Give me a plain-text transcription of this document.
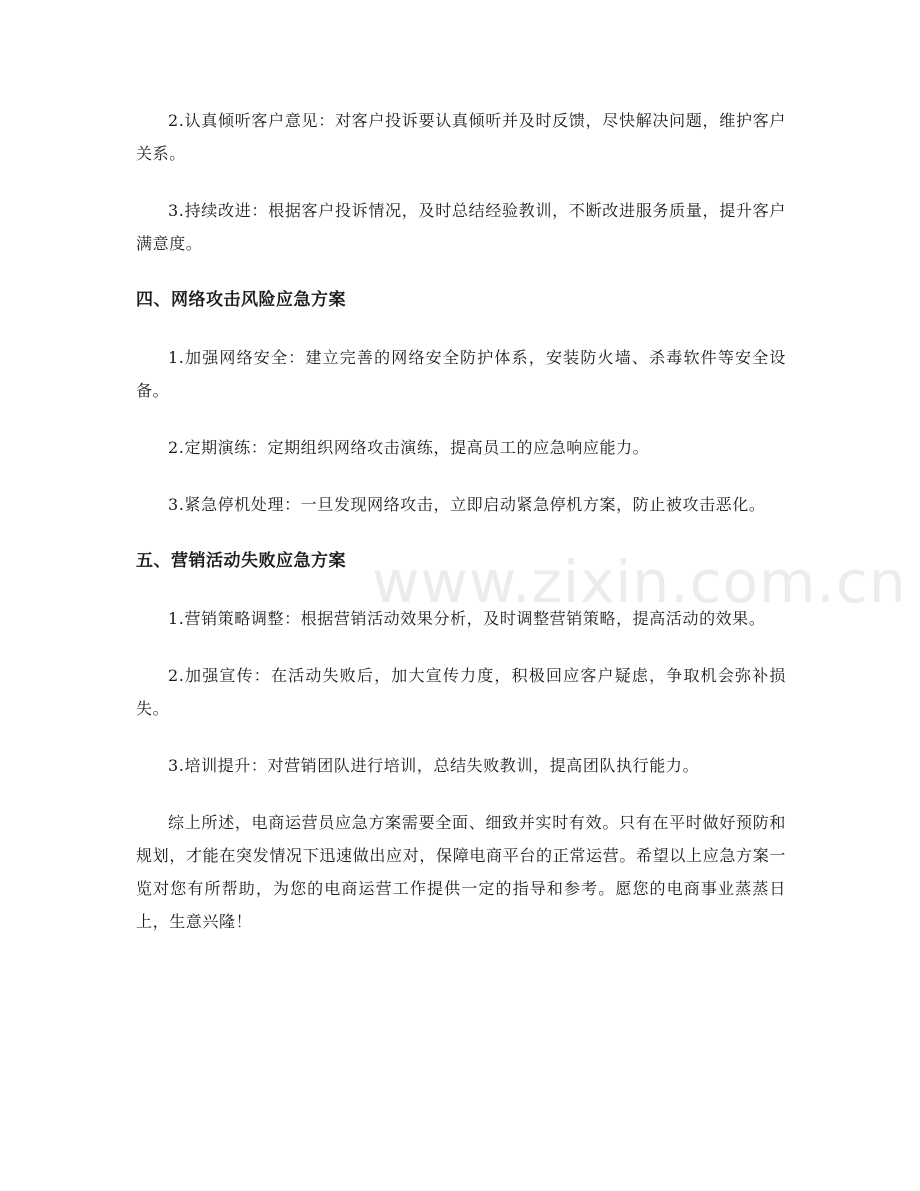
2.认真倾听客户意见：对客户投诉要认真倾听并及时反馈，尽快解决问题，维护客户关系。

3.持续改进：根据客户投诉情况，及时总结经验教训，不断改进服务质量，提升客户满意度。

四、网络攻击风险应急方案

1.加强网络安全：建立完善的网络安全防护体系，安装防火墙、杀毒软件等安全设备。

2.定期演练：定期组织网络攻击演练，提高员工的应急响应能力。

3.紧急停机处理：一旦发现网络攻击，立即启动紧急停机方案，防止被攻击恶化。

五、营销活动失败应急方案

1.营销策略调整：根据营销活动效果分析，及时调整营销策略，提高活动的效果。

2.加强宣传：在活动失败后，加大宣传力度，积极回应客户疑虑，争取机会弥补损失。

3.培训提升：对营销团队进行培训，总结失败教训，提高团队执行能力。

综上所述，电商运营员应急方案需要全面、细致并实时有效。只有在平时做好预防和规划，才能在突发情况下迅速做出应对，保障电商平台的正常运营。希望以上应急方案一览对您有所帮助，为您的电商运营工作提供一定的指导和参考。愿您的电商事业蒸蒸日上，生意兴隆！

www.zixin.com.cn
